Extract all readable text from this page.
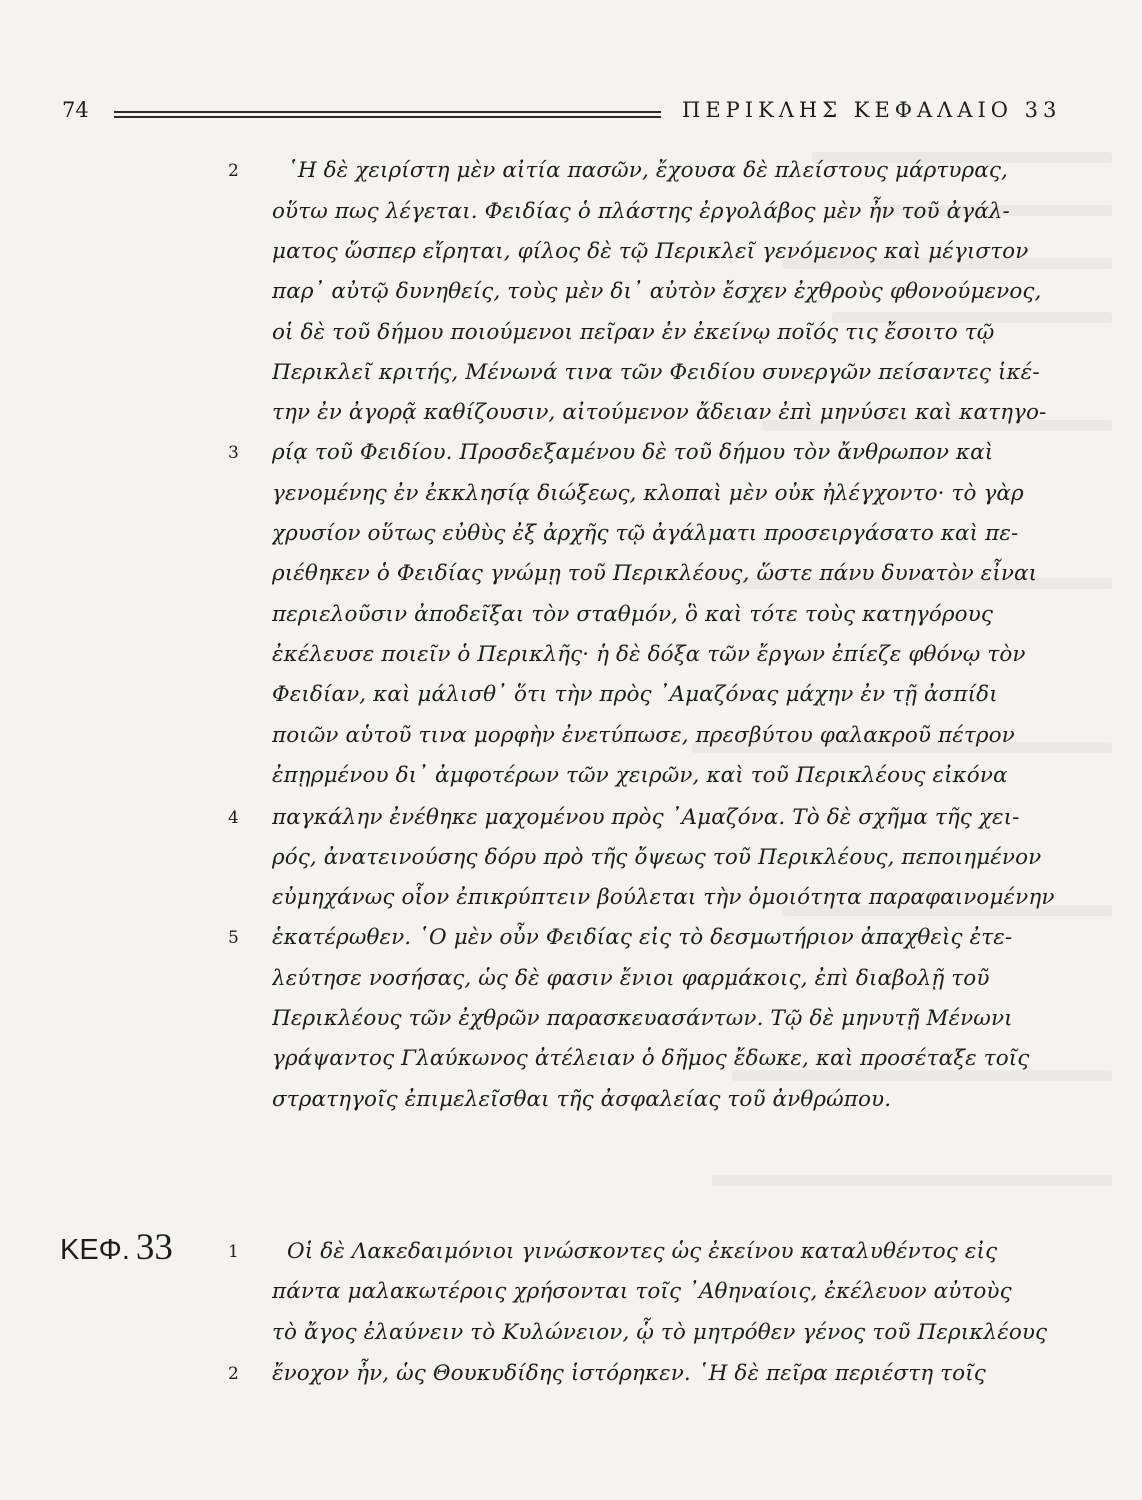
74	ΠΕΡΙΚΛΗΣ ΚΕΦΑΛΑΙΟ 33
ΚΕΦ. 33
2
3
4
5
1
2
῾Η δὲ χειρίστη μὲν αἰτία πασῶν, ἔχουσα δὲ πλείστους μάρτυρας,
οὕτω πως λέγεται. Φειδίας ὁ πλάστης ἐργολάβος μὲν ἦν τοῦ ἀγάλ-
ματος ὥσπερ εἴρηται, φίλος δὲ τῷ Περικλεῖ γενόμενος καὶ μέγιστον
παρ᾽ αὐτῷ δυνηθείς, τοὺς μὲν δι᾽ αὐτὸν ἔσχεν ἐχθροὺς φθονούμενος,
οἱ δὲ τοῦ δήμου ποιούμενοι πεῖραν ἐν ἐκείνῳ ποῖός τις ἔσοιτο τῷ
Περικλεῖ κριτής, Μένωνά τινα τῶν Φειδίου συνεργῶν πείσαντες ἱκέ-
την ἐν ἀγορᾷ καθίζουσιν, αἰτούμενον ἄδειαν ἐπὶ μηνύσει καὶ κατηγο-
ρίᾳ τοῦ Φειδίου. Προσδεξαμένου δὲ τοῦ δήμου τὸν ἄνθρωπον καὶ
γενομένης ἐν ἐκκλησίᾳ διώξεως, κλοπαὶ μὲν οὐκ ἠλέγχοντο· τὸ γὰρ
χρυσίον οὕτως εὐθὺς ἐξ ἀρχῆς τῷ ἀγάλματι προσειργάσατο καὶ πε-
ριέθηκεν ὁ Φειδίας γνώμῃ τοῦ Περικλέους, ὥστε πάνυ δυνατὸν εἶναι
περιελοῦσιν ἀποδεῖξαι τὸν σταθμόν, ὃ καὶ τότε τοὺς κατηγόρους
ἐκέλευσε ποιεῖν ὁ Περικλῆς· ἡ δὲ δόξα τῶν ἔργων ἐπίεζε φθόνῳ τὸν
Φειδίαν, καὶ μάλισθ᾽ ὅτι τὴν πρὸς ᾽Αμαζόνας μάχην ἐν τῇ ἀσπίδι
ποιῶν αὑτοῦ τινα μορφὴν ἐνετύπωσε, πρεσβύτου φαλακροῦ πέτρον
ἐπῃρμένου δι᾽ ἀμφοτέρων τῶν χειρῶν, καὶ τοῦ Περικλέους εἰκόνα
παγκάλην ἐνέθηκε μαχομένου πρὸς ᾽Αμαζόνα. Τὸ δὲ σχῆμα τῆς χει-
ρός, ἀνατεινούσης δόρυ πρὸ τῆς ὄψεως τοῦ Περικλέους, πεποιημένον
εὐμηχάνως οἷον ἐπικρύπτειν βούλεται τὴν ὁμοιότητα παραφαινομένην
ἑκατέρωθεν. ῾Ο μὲν οὖν Φειδίας εἰς τὸ δεσμωτήριον ἀπαχθεὶς ἐτε-
λεύτησε νοσήσας, ὡς δὲ φασιν ἔνιοι φαρμάκοις, ἐπὶ διαβολῇ τοῦ
Περικλέους τῶν ἐχθρῶν παρασκευασάντων. Τῷ δὲ μηνυτῇ Μένωνι
γράψαντος Γλαύκωνος ἀτέλειαν ὁ δῆμος ἔδωκε, καὶ προσέταξε τοῖς
στρατηγοῖς ἐπιμελεῖσθαι τῆς ἀσφαλείας τοῦ ἀνθρώπου.
Οἱ δὲ Λακεδαιμόνιοι γινώσκοντες ὡς ἐκείνου καταλυθέντος εἰς
πάντα μαλακωτέροις χρήσονται τοῖς ᾽Αθηναίοις, ἐκέλευον αὐτοὺς
τὸ ἄγος ἐλαύνειν τὸ Κυλώνειον, ᾧ τὸ μητρόθεν γένος τοῦ Περικλέους
ἔνοχον ἦν, ὡς Θουκυδίδης ἱστόρηκεν. ῾Η δὲ πεῖρα περιέστη τοῖς
